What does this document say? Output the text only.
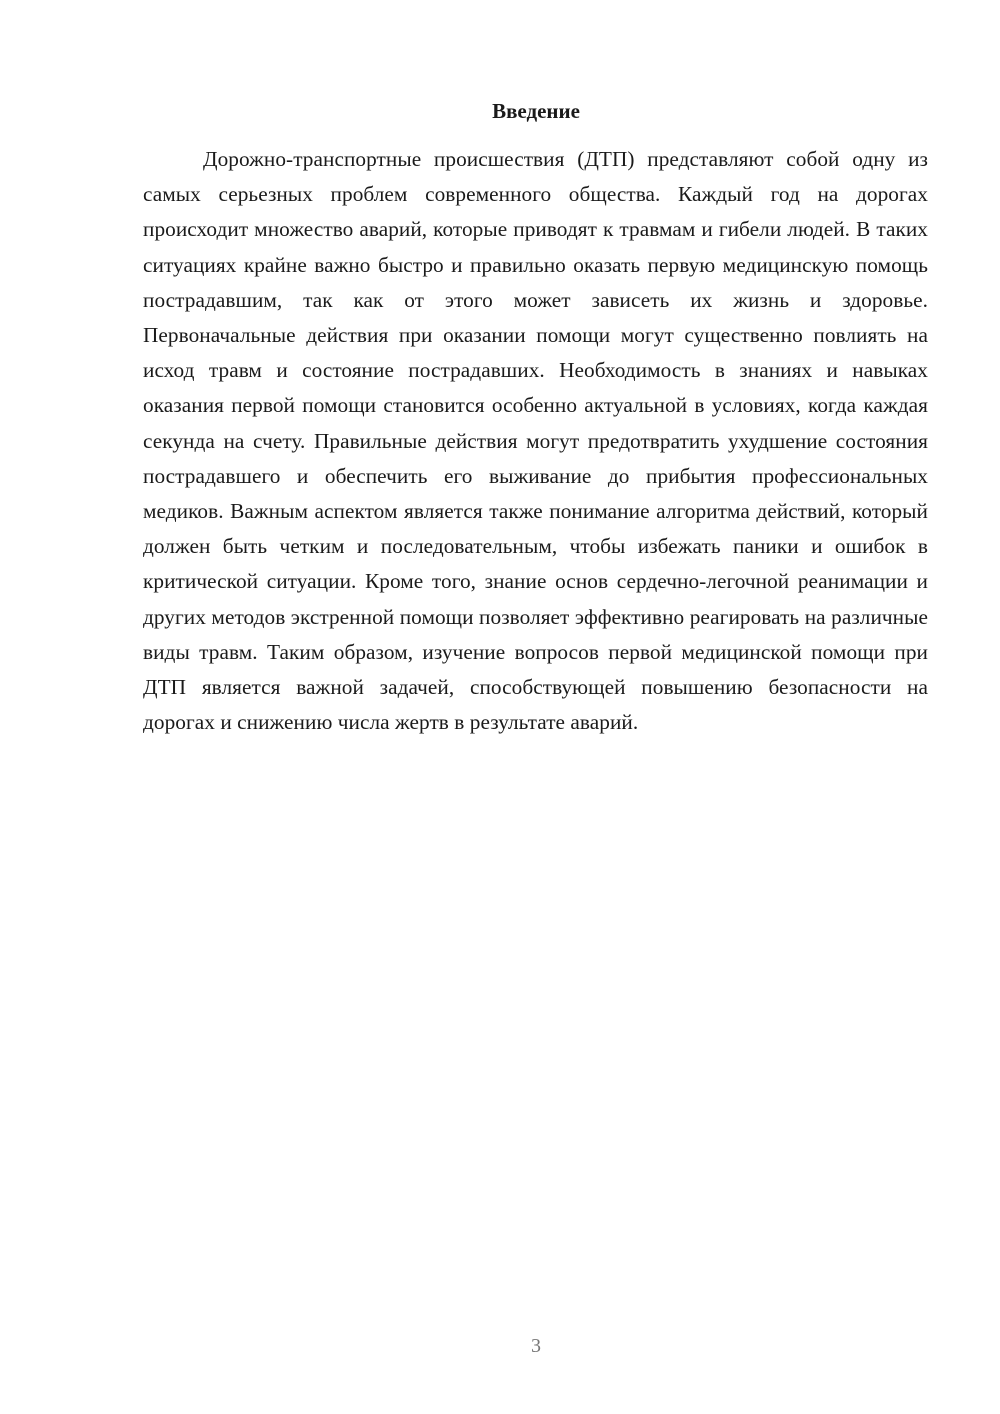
Введение

Дорожно-транспортные происшествия (ДТП) представляют собой одну из самых серьезных проблем современного общества. Каждый год на дорогах происходит множество аварий, которые приводят к травмам и гибели людей. В таких ситуациях крайне важно быстро и правильно оказать первую медицинскую помощь пострадавшим, так как от этого может зависеть их жизнь и здоровье. Первоначальные действия при оказании помощи могут существенно повлиять на исход травм и состояние пострадавших. Необходимость в знаниях и навыках оказания первой помощи становится особенно актуальной в условиях, когда каждая секунда на счету. Правильные действия могут предотвратить ухудшение состояния пострадавшего и обеспечить его выживание до прибытия профессиональных медиков. Важным аспектом является также понимание алгоритма действий, который должен быть четким и последовательным, чтобы избежать паники и ошибок в критической ситуации. Кроме того, знание основ сердечно-легочной реанимации и других методов экстренной помощи позволяет эффективно реагировать на различные виды травм. Таким образом, изучение вопросов первой медицинской помощи при ДТП является важной задачей, способствующей повышению безопасности на дорогах и снижению числа жертв в результате аварий.

3
